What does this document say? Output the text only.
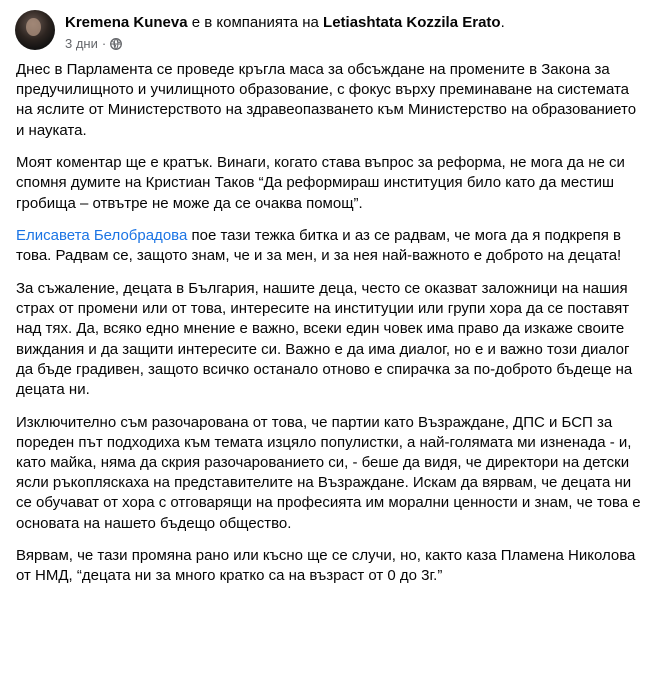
Kremena Kuneva е в компанията на Letiashtata Kozzila Erato.
3 дни ·

Днес в Парламента се проведе кръгла маса за обсъждане на промените в Закона за предучилищното и училищното образование, с фокус върху преминаване на системата на яслите от Министерството на здравеопазването към Министерство на образованието и науката.

Моят коментар ще е кратък. Винаги, когато става въпрос за реформа, не мога да не си спомня думите на Кристиан Таков “Да реформираш институция било като да местиш гробища – отвътре не може да се очаква помощ”.

Елисавета Белобрадова пое тази тежка битка и аз се радвам, че мога да я подкрепя в това. Радвам се, защото знам, че и за мен, и за нея най-важното е доброто на децата!

За съжаление, децата в България, нашите деца, често се оказват заложници на нашия страх от промени или от това, интересите на институции или групи хора да се поставят над тях. Да, всяко едно мнение е важно, всеки един човек има право да изкаже своите виждания и да защити интересите си. Важно е да има диалог, но е и важно този диалог да бъде градивен, защото всичко останало отново е спирачка за по-доброто бъдеще на децата ни.

Изключително съм разочарована от това, че партии като Възраждане, ДПС и БСП за пореден път подходиха към темата изцяло популистки, а най-голямата ми изненада - и, като майка, няма да скрия разочарованието си, - беше да видя, че директори на детски ясли ръкопляскаха на представителите на Възраждане. Искам да вярвам, че децата ни се обучават от хора с отговарящи на професията им морални ценности и знам, че това е основата на нашето бъдещо общество.

Вярвам, че тази промяна рано или късно ще се случи, но, както каза Пламена Николова от НМД, “децата ни за много кратко са на възраст от 0 до 3г.”
